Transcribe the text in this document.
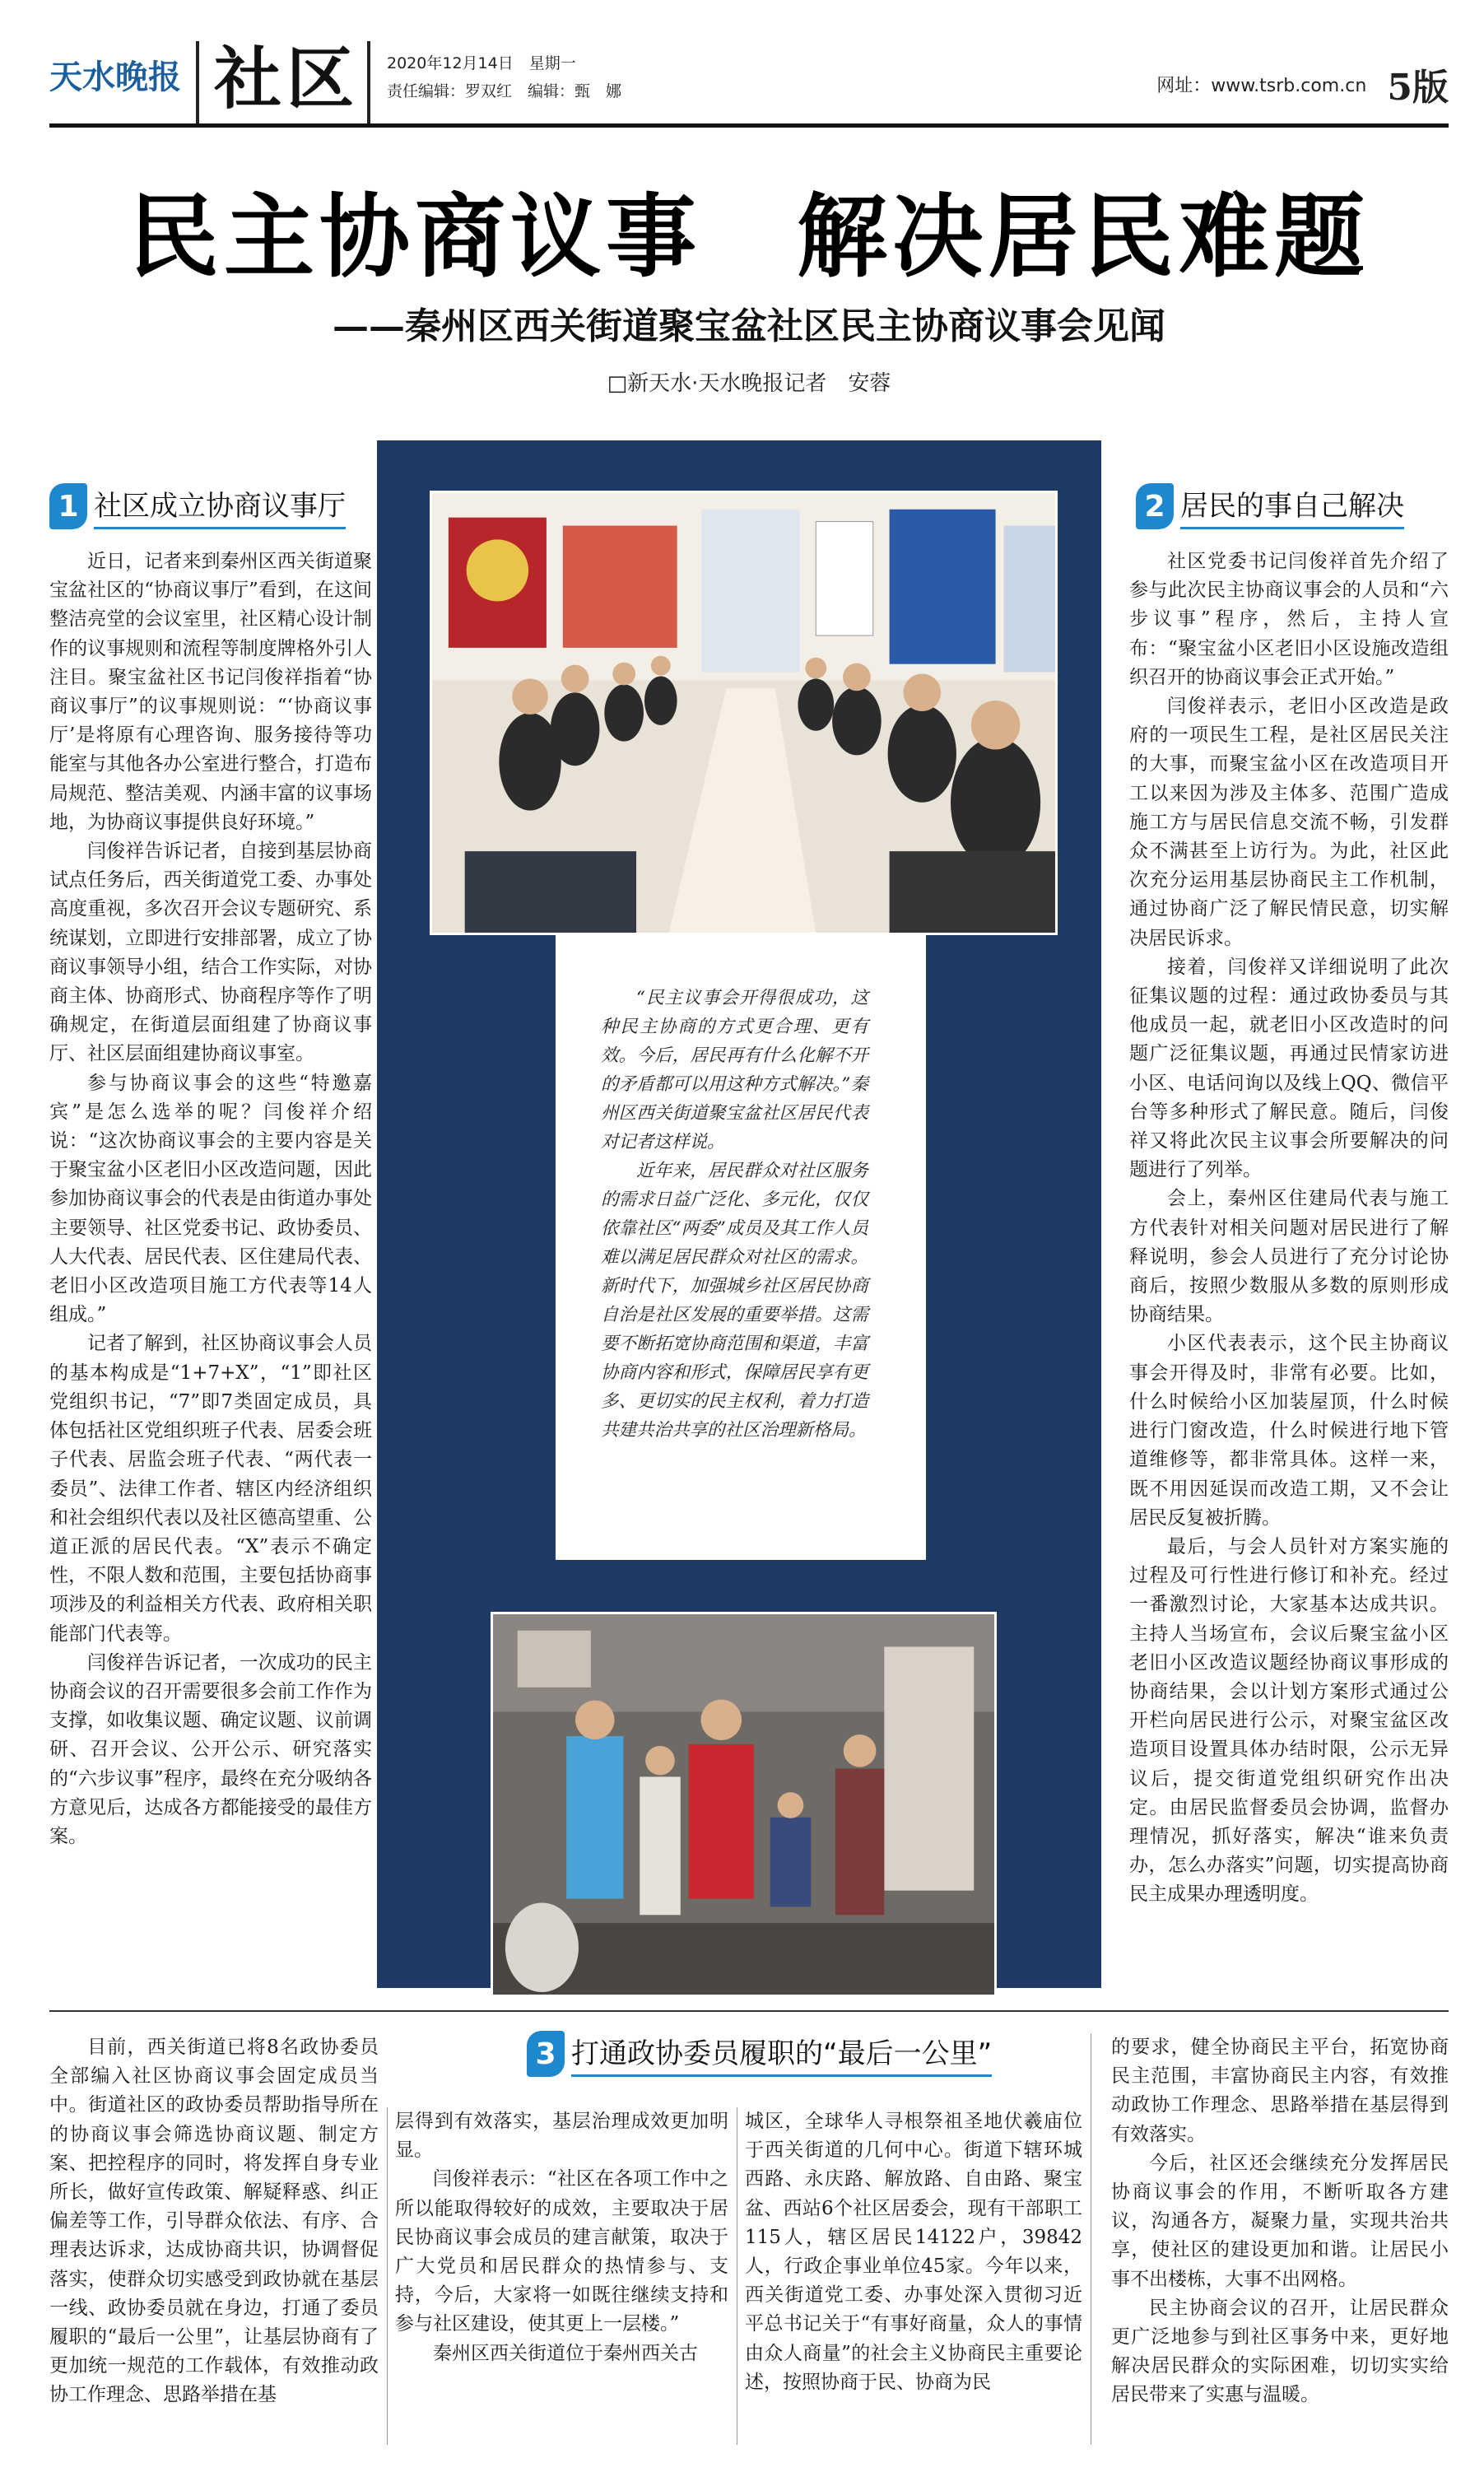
天水晚报 社区 2020年12月14日　星期一
责任编辑：罗双红　编辑：甄　娜	网址：www.tsrb.com.cn 5版
民主协商议事　解决居民难题
——秦州区西关街道聚宝盆社区民主协商议事会见闻
□新天水·天水晚报记者　安蓉

“民主议事会开得很成功，这种民主协商的方式更合理、更有效。今后，居民再有什么化解不开的矛盾都可以用这种方式解决。”秦州区西关街道聚宝盆社区居民代表对记者这样说。

近年来，居民群众对社区服务的需求日益广泛化、多元化，仅仅依靠社区“两委”成员及其工作人员难以满足居民群众对社区的需求。新时代下，加强城乡社区居民协商自治是社区发展的重要举措。这需要不断拓宽协商范围和渠道，丰富协商内容和形式，保障居民享有更多、更切实的民主权利，着力打造共建共治共享的社区治理新格局。

1 社区成立协商议事厅

近日，记者来到秦州区西关街道聚宝盆社区的“协商议事厅”看到，在这间整洁亮堂的会议室里，社区精心设计制作的议事规则和流程等制度牌格外引人注目。聚宝盆社区书记闫俊祥指着“协商议事厅”的议事规则说：“‘协商议事厅’是将原有心理咨询、服务接待等功能室与其他各办公室进行整合，打造布局规范、整洁美观、内涵丰富的议事场地，为协商议事提供良好环境。”

闫俊祥告诉记者，自接到基层协商试点任务后，西关街道党工委、办事处高度重视，多次召开会议专题研究、系统谋划，立即进行安排部署，成立了协商议事领导小组，结合工作实际，对协商主体、协商形式、协商程序等作了明确规定，在街道层面组建了协商议事厅、社区层面组建协商议事室。

参与协商议事会的这些“特邀嘉宾”是怎么选举的呢？闫俊祥介绍说：“这次协商议事会的主要内容是关于聚宝盆小区老旧小区改造问题，因此参加协商议事会的代表是由街道办事处主要领导、社区党委书记、政协委员、人大代表、居民代表、区住建局代表、老旧小区改造项目施工方代表等14人组成。”

记者了解到，社区协商议事会人员的基本构成是“1+7+X”，“1”即社区党组织书记，“7”即7类固定成员，具体包括社区党组织班子代表、居委会班子代表、居监会班子代表、“两代表一委员”、法律工作者、辖区内经济组织和社会组织代表以及社区德高望重、公道正派的居民代表。“X”表示不确定性，不限人数和范围，主要包括协商事项涉及的利益相关方代表、政府相关职能部门代表等。

闫俊祥告诉记者，一次成功的民主协商会议的召开需要很多会前工作作为支撑，如收集议题、确定议题、议前调研、召开会议、公开公示、研究落实的“六步议事”程序，最终在充分吸纳各方意见后，达成各方都能接受的最佳方案。

2 居民的事自己解决

社区党委书记闫俊祥首先介绍了参与此次民主协商议事会的人员和“六步议事”程序，然后，主持人宣布：“聚宝盆小区老旧小区设施改造组织召开的协商议事会正式开始。”

闫俊祥表示，老旧小区改造是政府的一项民生工程，是社区居民关注的大事，而聚宝盆小区在改造项目开工以来因为涉及主体多、范围广造成施工方与居民信息交流不畅，引发群众不满甚至上访行为。为此，社区此次充分运用基层协商民主工作机制，通过协商广泛了解民情民意，切实解决居民诉求。

接着，闫俊祥又详细说明了此次征集议题的过程：通过政协委员与其他成员一起，就老旧小区改造时的问题广泛征集议题，再通过民情家访进小区、电话问询以及线上QQ、微信平台等多种形式了解民意。随后，闫俊祥又将此次民主议事会所要解决的问题进行了列举。

会上，秦州区住建局代表与施工方代表针对相关问题对居民进行了解释说明，参会人员进行了充分讨论协商后，按照少数服从多数的原则形成协商结果。

小区代表表示，这个民主协商议事会开得及时，非常有必要。比如，什么时候给小区加装屋顶，什么时候进行门窗改造，什么时候进行地下管道维修等，都非常具体。这样一来，既不用因延误而改造工期，又不会让居民反复被折腾。

最后，与会人员针对方案实施的过程及可行性进行修订和补充。经过一番激烈讨论，大家基本达成共识。主持人当场宣布，会议后聚宝盆小区老旧小区改造议题经协商议事形成的协商结果，会以计划方案形式通过公开栏向居民进行公示，对聚宝盆区改造项目设置具体办结时限，公示无异议后，提交街道党组织研究作出决定。由居民监督委员会协调，监督办理情况，抓好落实，解决“谁来负责办，怎么办落实”问题，切实提高协商民主成果办理透明度。

3 打通政协委员履职的“最后一公里”

目前，西关街道已将8名政协委员全部编入社区协商议事会固定成员当中。街道社区的政协委员帮助指导所在的协商议事会筛选协商议题、制定方案、把控程序的同时，将发挥自身专业所长，做好宣传政策、解疑释惑、纠正偏差等工作，引导群众依法、有序、合理表达诉求，达成协商共识，协调督促落实，使群众切实感受到政协就在基层一线、政协委员就在身边，打通了委员履职的“最后一公里”，让基层协商有了更加统一规范的工作载体，有效推动政协工作理念、思路举措在基

层得到有效落实，基层治理成效更加明显。

闫俊祥表示：“社区在各项工作中之所以能取得较好的成效，主要取决于居民协商议事会成员的建言献策，取决于广大党员和居民群众的热情参与、支持，今后，大家将一如既往继续支持和参与社区建设，使其更上一层楼。”

秦州区西关街道位于秦州西关古

城区，全球华人寻根祭祖圣地伏羲庙位于西关街道的几何中心。街道下辖环城西路、永庆路、解放路、自由路、聚宝盆、西站6个社区居委会，现有干部职工115人，辖区居民14122户，39842人，行政企事业单位45家。今年以来，西关街道党工委、办事处深入贯彻习近平总书记关于“有事好商量，众人的事情由众人商量”的社会主义协商民主重要论述，按照协商于民、协商为民

的要求，健全协商民主平台，拓宽协商民主范围，丰富协商民主内容，有效推动政协工作理念、思路举措在基层得到有效落实。

今后，社区还会继续充分发挥居民协商议事会的作用，不断听取各方建议，沟通各方，凝聚力量，实现共治共享，使社区的建设更加和谐。让居民小事不出楼栋，大事不出网格。

民主协商会议的召开，让居民群众更广泛地参与到社区事务中来，更好地解决居民群众的实际困难，切切实实给居民带来了实惠与温暖。
